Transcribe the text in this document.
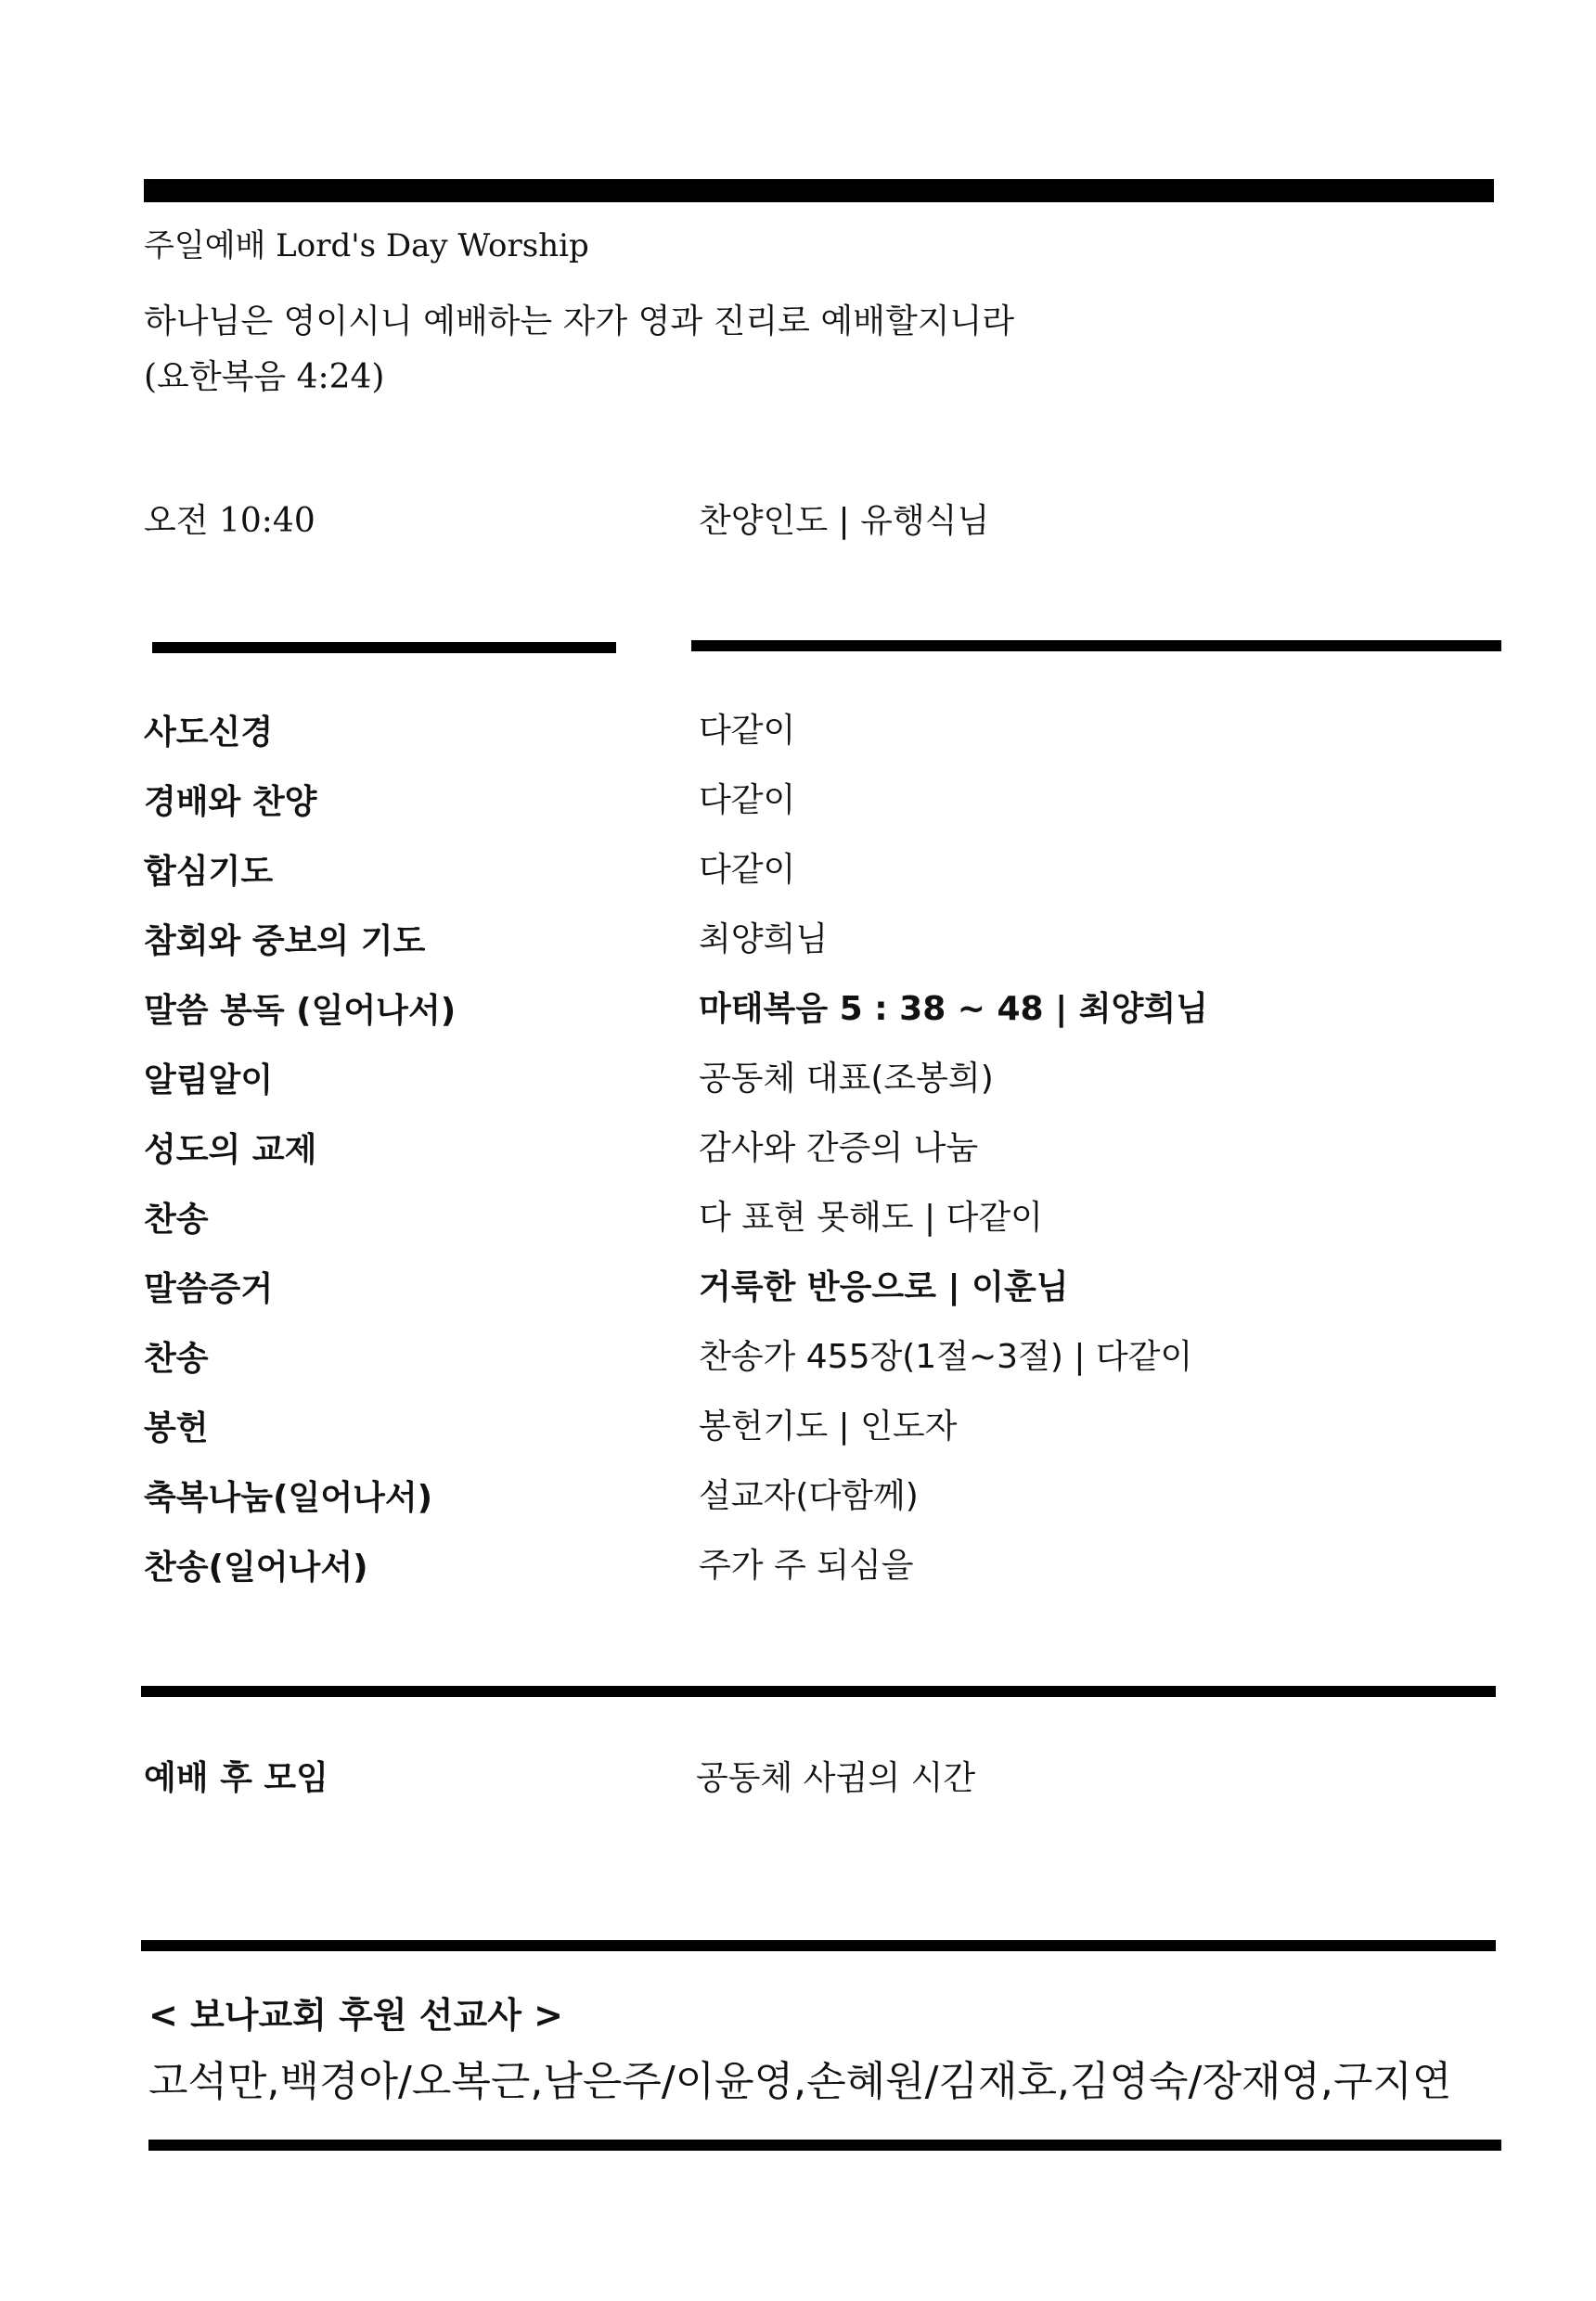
주일예배 Lord's Day Worship
하나님은 영이시니 예배하는 자가 영과 진리로 예배할지니라
(요한복음 4:24)
오전 10:40	찬양인도 | 유행식님
사도신경	다같이
경배와 찬양	다같이
합심기도	다같이
참회와 중보의 기도	최양희님
말씀 봉독 (일어나서)	마태복음 5 : 38 ~ 48 | 최양희님
알림알이	공동체 대표(조봉희)
성도의 교제	감사와 간증의 나눔
찬송	다 표현 못해도 | 다같이
말씀증거	거룩한 반응으로 | 이훈님
찬송	찬송가 455장(1절~3절) | 다같이
봉헌	봉헌기도 | 인도자
축복나눔(일어나서)	설교자(다함께)
찬송(일어나서)	주가 주 되심을
예배 후 모임	공동체 사귐의 시간
< 보나교회 후원 선교사 >
고석만,백경아/오복근,남은주/이윤영,손혜원/김재호,김영숙/장재영,구지연
